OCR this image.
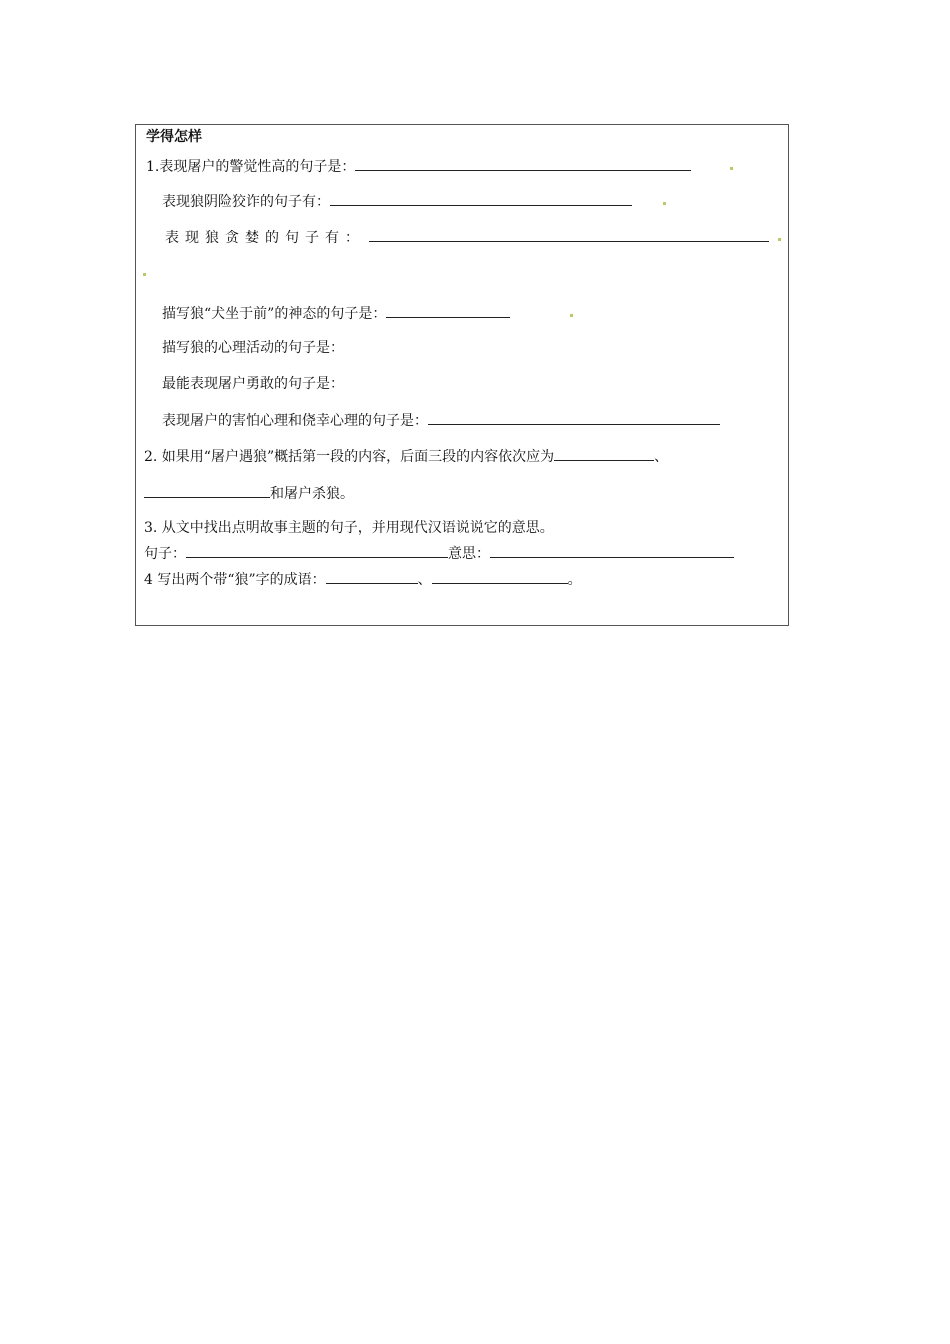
学得怎样
1.表现屠户的警觉性高的句子是：
表现狼阴险狡诈的句子有：
表现狼贪婪的句子有：
描写狼“犬坐于前”的神态的句子是：
描写狼的心理活动的句子是：
最能表现屠户勇敢的句子是：
表现屠户的害怕心理和侥幸心理的句子是：
2. 如果用“屠户遇狼”概括第一段的内容，后面三段的内容依次应为	、
和屠户杀狼。
3. 从文中找出点明故事主题的句子，并用现代汉语说说它的意思。
句子：	意思：
4 写出两个带“狼”字的成语：	、	。
